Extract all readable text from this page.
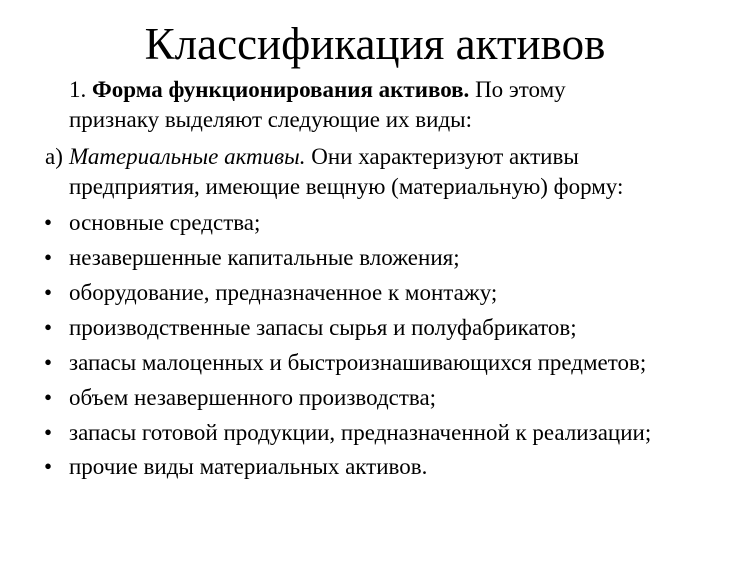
Классификация активов
1. Форма функционирования активов. По этому
признаку выделяют следующие их виды:
а) Материальные активы. Они характеризуют активы
предприятия, имеющие вещную (материальную) форму:
• основные средства;
• незавершенные капитальные вложения;
• оборудование, предназначенное к монтажу;
• производственные запасы сырья и полуфабрикатов;
• запасы малоценных и быстроизнашивающихся предметов;
• объем незавершенного производства;
• запасы готовой продукции, предназначенной к реализации;
• прочие виды материальных активов.
